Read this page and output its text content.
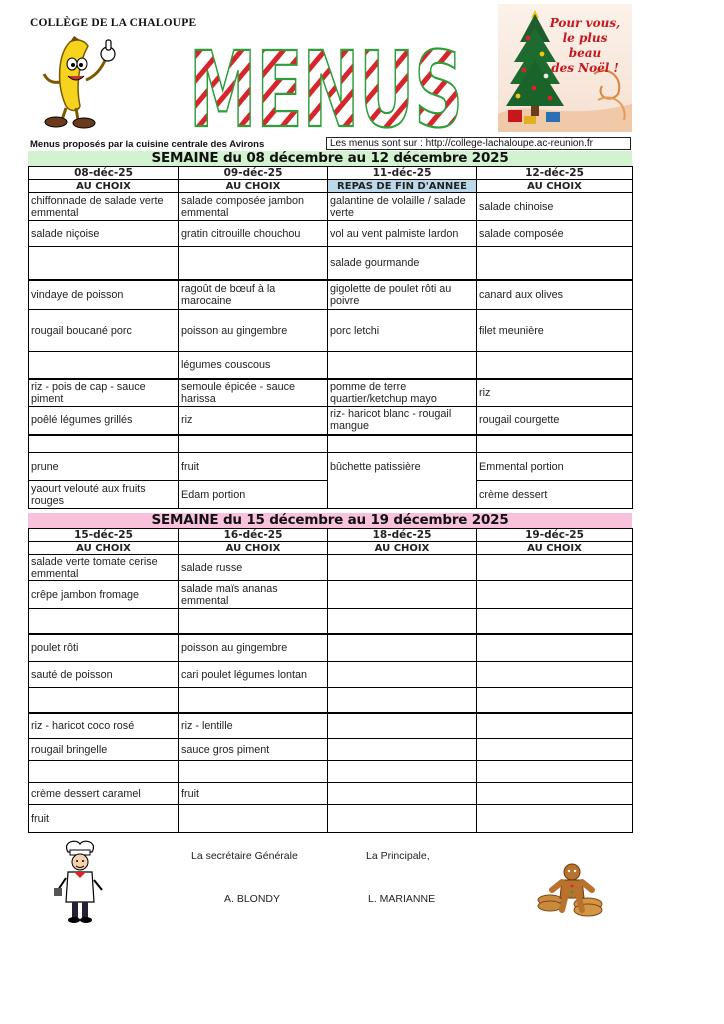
COLLÈGE DE LA CHALOUPE
MENUS
Pour vous,
le plus beau
des Noël !
Menus proposés par la cuisine centrale des Avirons	Les menus sont sur : http://college-lachaloupe.ac-reunion.fr
SEMAINE du 08 décembre au 12 décembre 2025
08-déc-25	09-déc-25	11-déc-25	12-déc-25
AU CHOIX	AU CHOIX	REPAS DE FIN D'ANNEE	AU CHOIX
chiffonnade de salade verte emmental	salade composée jambon emmental	galantine de volaille / salade verte	salade chinoise
salade niçoise	gratin citrouille chouchou	vol au vent palmiste lardon	salade composée
		salade gourmande	
vindaye de poisson	ragoût de bœuf à la marocaine	gigolette de poulet rôti au poivre	canard aux olives
rougail boucané porc	poisson au gingembre	porc letchi	filet meunière
	légumes couscous		
riz - pois de cap - sauce piment	semoule épicée - sauce harissa	pomme de terre quartier/ketchup mayo	riz
poêlé légumes grillés	riz	riz- haricot blanc - rougail mangue	rougail courgette

prune	fruit	bûchette patissière	Emmental portion
yaourt velouté aux fruits rouges	Edam portion		crème dessert
SEMAINE du 15 décembre au 19 décembre 2025
15-déc-25	16-déc-25	18-déc-25	19-déc-25
AU CHOIX	AU CHOIX	AU CHOIX	AU CHOIX
salade verte tomate cerise emmental	salade russe		
crêpe jambon fromage	salade maïs ananas emmental		

poulet rôti	poisson au gingembre		
sauté de poisson	cari poulet légumes lontan		

riz - haricot coco rosé	riz - lentille		
rougail bringelle	sauce gros piment		

crème dessert caramel	fruit		
fruit			
La secrétaire Générale	La Principale,
A. BLONDY	L. MARIANNE
